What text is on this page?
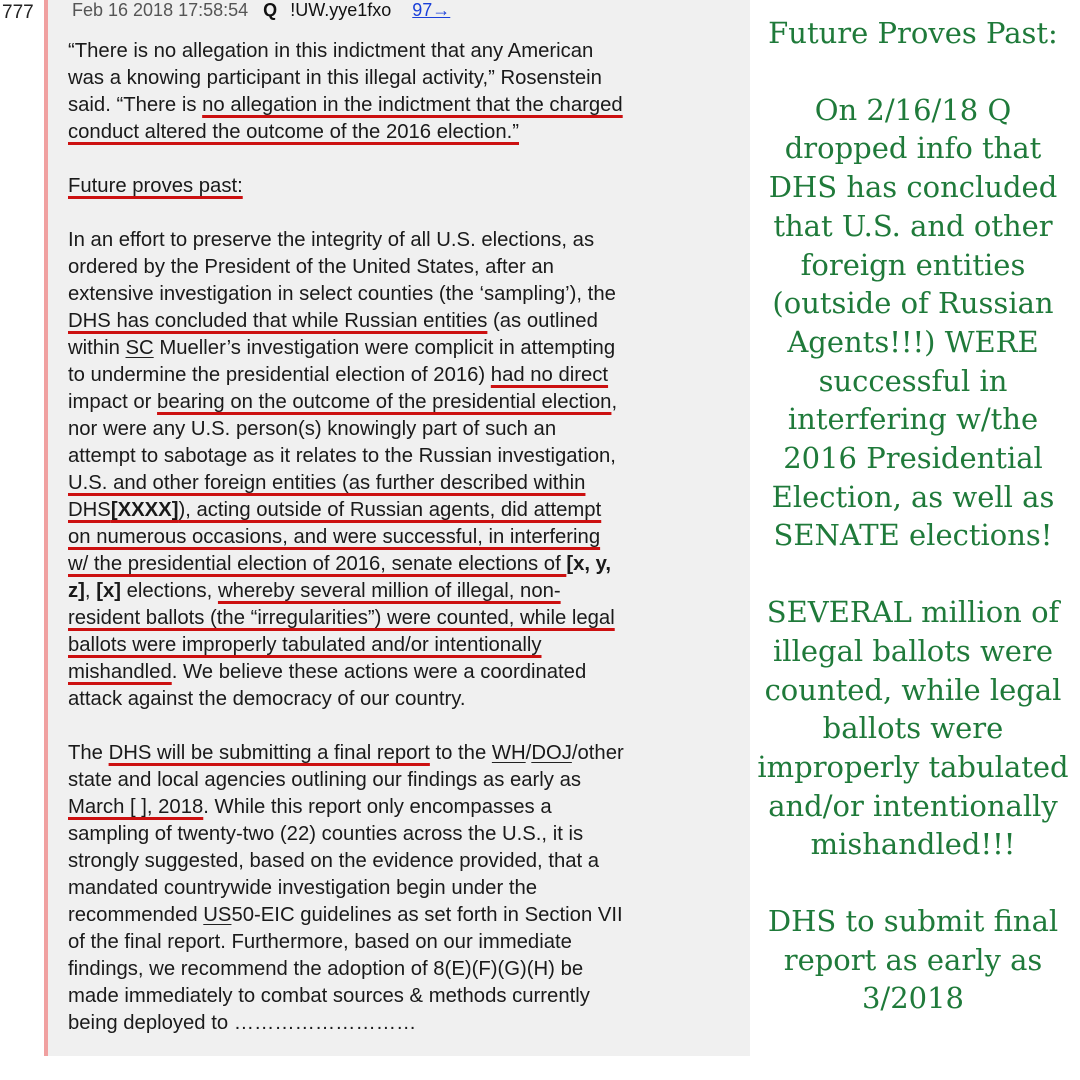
777	Feb 16 2018 17:58:54 Q !UW.yye1fxo 97→
“There is no allegation in this indictment that any American
was a knowing participant in this illegal activity,” Rosenstein
said. “There is no allegation in the indictment that the charged
conduct altered the outcome of the 2016 election.”
Future proves past:
In an effort to preserve the integrity of all U.S. elections, as
ordered by the President of the United States, after an
extensive investigation in select counties (the ‘sampling’), the
DHS has concluded that while Russian entities (as outlined
within SC Mueller’s investigation were complicit in attempting
to undermine the presidential election of 2016) had no direct
impact or bearing on the outcome of the presidential election,
nor were any U.S. person(s) knowingly part of such an
attempt to sabotage as it relates to the Russian investigation,
U.S. and other foreign entities (as further described within
DHS[XXXX]), acting outside of Russian agents, did attempt
on numerous occasions, and were successful, in interfering
w/ the presidential election of 2016, senate elections of [x, y,
z], [x] elections, whereby several million of illegal, non-
resident ballots (the “irregularities”) were counted, while legal
ballots were improperly tabulated and/or intentionally
mishandled. We believe these actions were a coordinated
attack against the democracy of our country.
The DHS will be submitting a final report to the WH/DOJ/other
state and local agencies outlining our findings as early as
March [ ], 2018. While this report only encompasses a
sampling of twenty-two (22) counties across the U.S., it is
strongly suggested, based on the evidence provided, that a
mandated countrywide investigation begin under the
recommended US50-EIC guidelines as set forth in Section VII
of the final report. Furthermore, based on our immediate
findings, we recommend the adoption of 8(E)(F)(G)(H) be
made immediately to combat sources & methods currently
being deployed to ………………………

Future Proves Past:

On 2/16/18 Q dropped info that DHS has concluded that U.S. and other foreign entities (outside of Russian Agents!!!) WERE successful in interfering w/the 2016 Presidential Election, as well as SENATE elections!

SEVERAL million of illegal ballots were counted, while legal ballots were improperly tabulated and/or intentionally mishandled!!!

DHS to submit final report as early as 3/2018
